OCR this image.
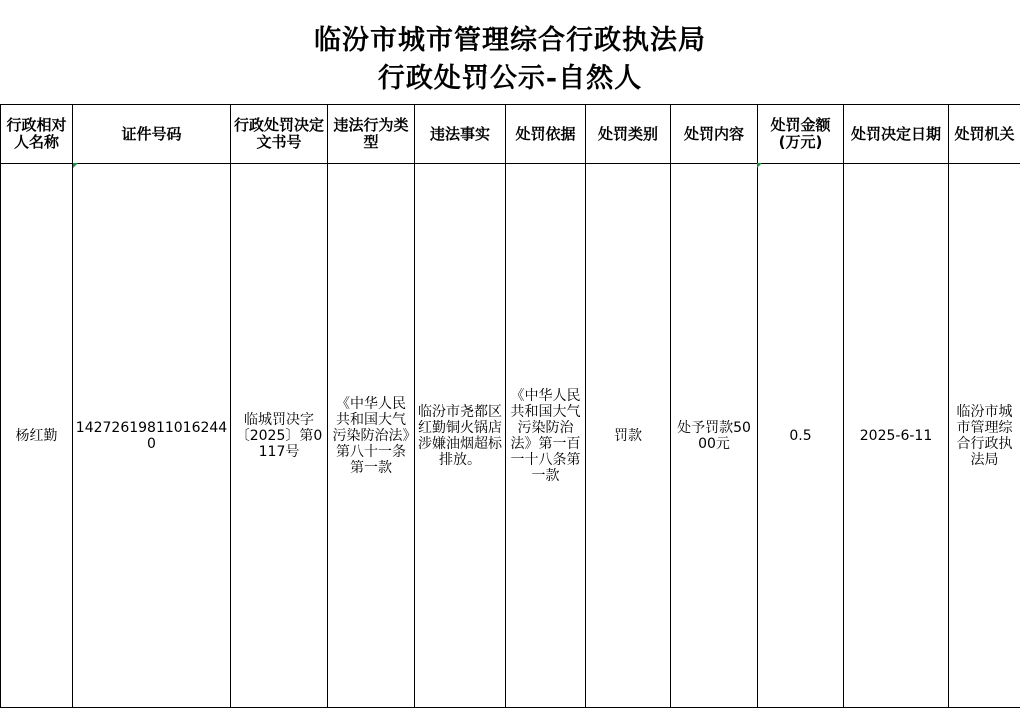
临汾市城市管理综合行政执法局
行政处罚公示-自然人
行政相对人名称	证件号码	行政处罚决定文书号	违法行为类型	违法事实	处罚依据	处罚类别	处罚内容	处罚金额(万元)	处罚决定日期	处罚机关
杨红勤	142726198110162440	临城罚决字〔2025〕第0117号	《中华人民共和国大气污染防治法》第八十一条第一款	临汾市尧都区红勤铜火锅店涉嫌油烟超标排放。	《中华人民共和国大气污染防治法》第一百一十八条第一款	罚款	处予罚款5000元	0.5	2025-6-11	临汾市城市管理综合行政执法局
